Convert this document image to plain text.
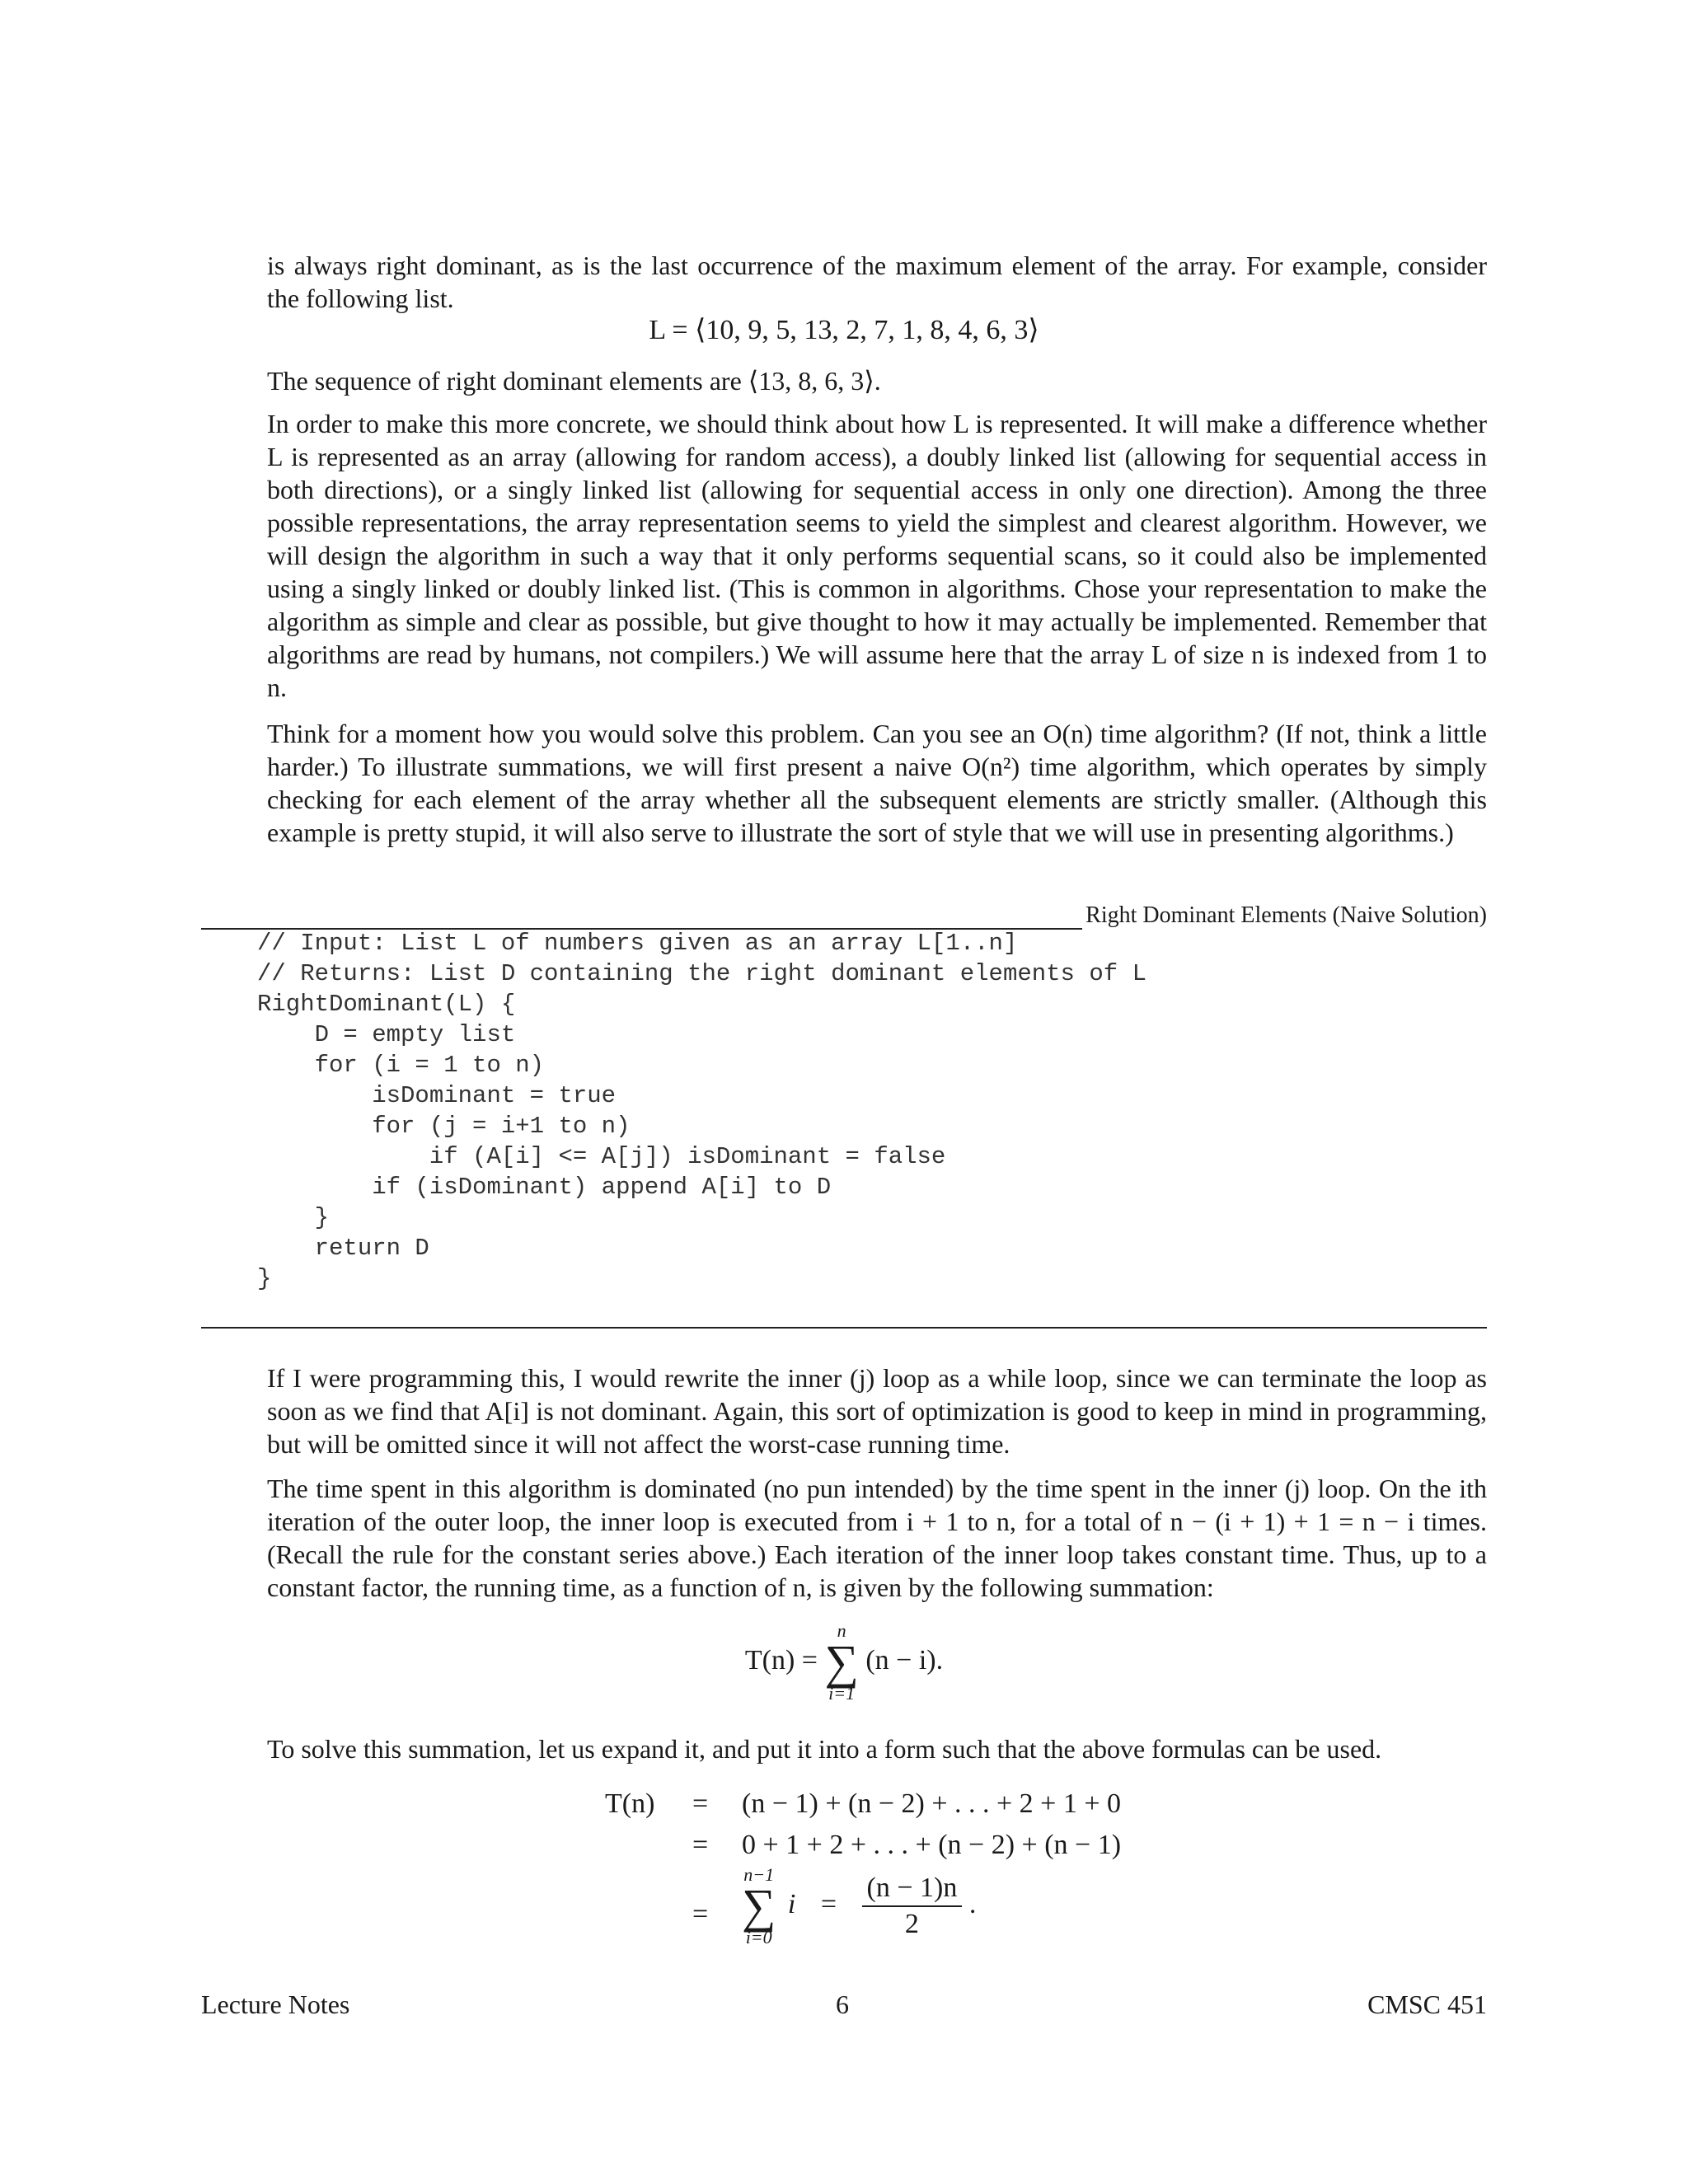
is always right dominant, as is the last occurrence of the maximum element of the array. For example, consider

the following list.

L = ⟨10, 9, 5, 13, 2, 7, 1, 8, 4, 6, 3⟩

The sequence of right dominant elements are ⟨13, 8, 6, 3⟩.

In order to make this more concrete, we should think about how L is represented. It will make a difference whether L is represented as an array (allowing for random access), a doubly linked list (allowing for sequential access in both directions), or a singly linked list (allowing for sequential access in only one direction). Among the three possible representations, the array representation seems to yield the simplest and clearest algorithm. However, we will design the algorithm in such a way that it only performs sequential scans, so it could also be implemented using a singly linked or doubly linked list. (This is common in algorithms. Chose your representation to make the algorithm as simple and clear as possible, but give thought to how it may actually be implemented. Remember that algorithms are read by humans, not compilers.) We will assume here that the array L of size n is indexed from 1 to n.

Think for a moment how you would solve this problem. Can you see an O(n) time algorithm? (If not, think a little harder.) To illustrate summations, we will first present a naive O(n²) time algorithm, which operates by simply checking for each element of the array whether all the subsequent elements are strictly smaller. (Although this example is pretty stupid, it will also serve to illustrate the sort of style that we will use in presenting algorithms.)

Right Dominant Elements (Naive Solution)
// Input: List L of numbers given as an array L[1..n]
// Returns: List D containing the right dominant elements of L
RightDominant(L) {
D = empty list
for (i = 1 to n)
isDominant = true
for (j = i+1 to n)
if (A[i] <= A[j]) isDominant = false
if (isDominant) append A[i] to D
}
return D
}

If I were programming this, I would rewrite the inner (j) loop as a while loop, since we can terminate the loop as soon as we find that A[i] is not dominant. Again, this sort of optimization is good to keep in mind in programming, but will be omitted since it will not affect the worst-case running time.

The time spent in this algorithm is dominated (no pun intended) by the time spent in the inner (j) loop. On the ith iteration of the outer loop, the inner loop is executed from i + 1 to n, for a total of n − (i + 1) + 1 = n − i times. (Recall the rule for the constant series above.) Each iteration of the inner loop takes constant time. Thus, up to a constant factor, the running time, as a function of n, is given by the following summation:

T(n) =
n
∑
i=1
(n − i).

To solve this summation, let us expand it, and put it into a form such that the above formulas can be used.

T(n) = (n − 1) + (n − 2) + . . . + 2 + 1 + 0
= 0 + 1 + 2 + . . . + (n − 2) + (n − 1)
=
n−1
∑
i=0
$i = \frac{(n - 1)n}{2}$ .
Lecture Notes	6	CMSC 451
